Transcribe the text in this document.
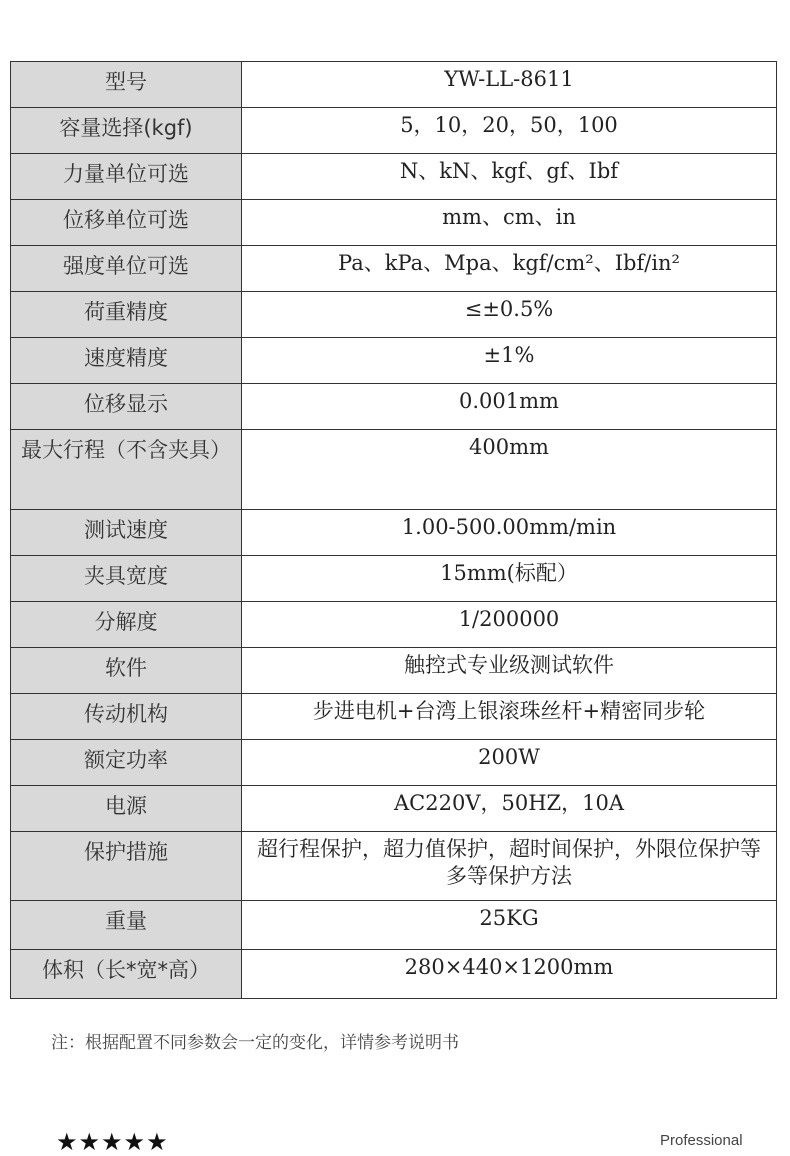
型号	YW-LL-8611
容量选择(kgf)	5，10，20，50，100
力量单位可选	N、kN、kgf、gf、Ibf
位移单位可选	mm、cm、in
强度单位可选	Pa、kPa、Mpa、kgf/cm²、Ibf/in²
荷重精度	≤±0.5%
速度精度	±1%
位移显示	0.001mm
最大行程（不含夹具）	400mm
测试速度	1.00-500.00mm/min
夹具宽度	15mm(标配）
分解度	1/200000
软件	触控式专业级测试软件
传动机构	步进电机+台湾上银滚珠丝杆+精密同步轮
额定功率	200W
电源	AC220V，50HZ，10A
保护措施	超行程保护，超力值保护，超时间保护，外限位保护等多等保护方法
重量	25KG
体积（长*宽*高）	280×440×1200mm
注：根据配置不同参数会一定的变化，详情参考说明书
★★★★★	Professional
